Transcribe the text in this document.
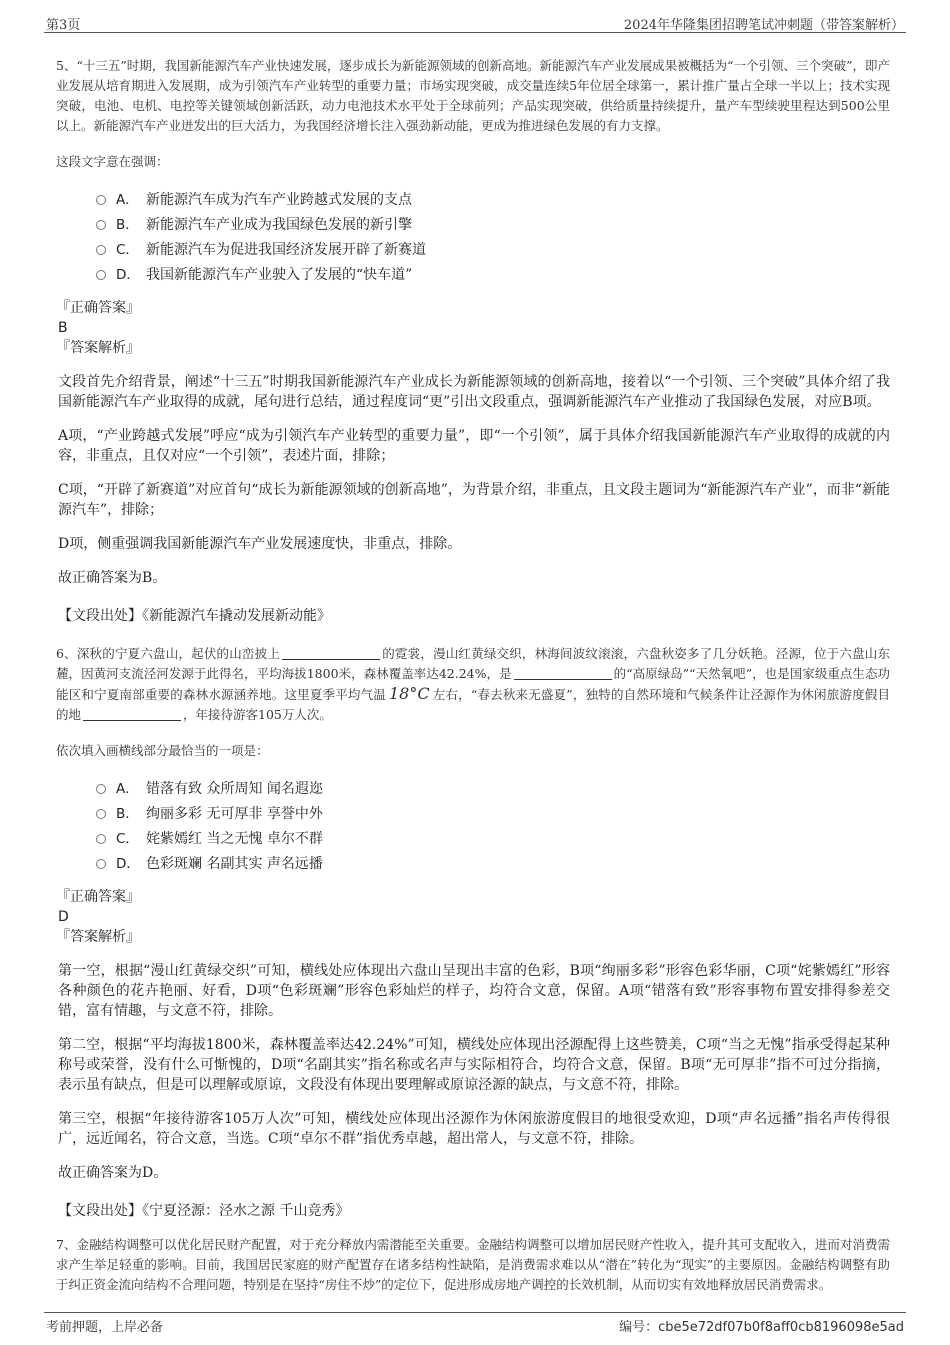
第3页	2024年华隆集团招聘笔试冲刺题（带答案解析）

5、“十三五”时期，我国新能源汽车产业快速发展，逐步成长为新能源领域的创新高地。新能源汽车产业发展成果被概括为“一个引领、三个突破”，即产业发展从培育期进入发展期，成为引领汽车产业转型的重要力量；市场实现突破，成交量连续5年位居全球第一，累计推广量占全球一半以上；技术实现突破，电池、电机、电控等关键领域创新活跃，动力电池技术水平处于全球前列；产品实现突破，供给质量持续提升，量产车型续驶里程达到500公里以上。新能源汽车产业迸发出的巨大活力，为我国经济增长注入强劲新动能，更成为推进绿色发展的有力支撑。

这段文字意在强调：

A． 新能源汽车成为汽车产业跨越式发展的支点
B． 新能源汽车产业成为我国绿色发展的新引擎
C． 新能源汽车为促进我国经济发展开辟了新赛道
D． 我国新能源汽车产业驶入了发展的“快车道”

『正确答案』

B

『答案解析』

文段首先介绍背景，阐述“十三五”时期我国新能源汽车产业成长为新能源领域的创新高地，接着以“一个引领、三个突破”具体介绍了我国新能源汽车产业取得的成就，尾句进行总结，通过程度词“更”引出文段重点，强调新能源汽车产业推动了我国绿色发展，对应B项。

A项，“产业跨越式发展”呼应“成为引领汽车产业转型的重要力量”，即“一个引领”，属于具体介绍我国新能源汽车产业取得的成就的内容，非重点，且仅对应“一个引领”，表述片面，排除；

C项，“开辟了新赛道”对应首句“成长为新能源领域的创新高地”，为背景介绍，非重点，且文段主题词为“新能源汽车产业”，而非“新能源汽车”，排除；

D项，侧重强调我国新能源汽车产业发展速度快，非重点，排除。

故正确答案为B。

【文段出处】《新能源汽车撬动发展新动能》

6、深秋的宁夏六盘山，起伏的山峦披上	的霓裳，漫山红黄绿交织，林海间波纹滚滚，六盘秋姿多了几分妖艳。泾源，位于六盘山东麓，因黄河支流泾河发源于此得名，平均海拔1800米，森林覆盖率达42.24%，是	的“高原绿岛”“天然氧吧”，也是国家级重点生态功能区和宁夏南部重要的森林水源涵养地。这里夏季平均气温 18°C 左右，“春去秋来无盛夏”，独特的自然环境和气候条件让泾源作为休闲旅游度假目的地	，年接待游客105万人次。

依次填入画横线部分最恰当的一项是：

A． 错落有致 众所周知 闻名遐迩
B． 绚丽多彩 无可厚非 享誉中外
C． 姹紫嫣红 当之无愧 卓尔不群
D． 色彩斑斓 名副其实 声名远播

『正确答案』

D

『答案解析』

第一空，根据“漫山红黄绿交织”可知，横线处应体现出六盘山呈现出丰富的色彩，B项“绚丽多彩”形容色彩华丽，C项“姹紫嫣红”形容各种颜色的花卉艳丽、好看，D项“色彩斑斓”形容色彩灿烂的样子，均符合文意，保留。A项“错落有致”形容事物布置安排得参差交错，富有情趣，与文意不符，排除。

第二空，根据“平均海拔1800米，森林覆盖率达42.24%”可知，横线处应体现出泾源配得上这些赞美，C项“当之无愧”指承受得起某种称号或荣誉，没有什么可惭愧的，D项“名副其实”指名称或名声与实际相符合，均符合文意，保留。B项“无可厚非”指不可过分指摘，表示虽有缺点，但是可以理解或原谅，文段没有体现出要理解或原谅泾源的缺点，与文意不符，排除。

第三空，根据“年接待游客105万人次”可知，横线处应体现出泾源作为休闲旅游度假目的地很受欢迎，D项“声名远播”指名声传得很广，远近闻名，符合文意，当选。C项“卓尔不群”指优秀卓越，超出常人，与文意不符，排除。

故正确答案为D。

【文段出处】《宁夏泾源：泾水之源 千山竞秀》

7、金融结构调整可以优化居民财产配置，对于充分释放内需潜能至关重要。金融结构调整可以增加居民财产性收入，提升其可支配收入，进而对消费需求产生举足轻重的影响。目前，我国居民家庭的财产配置存在诸多结构性缺陷，是消费需求难以从“潜在”转化为“现实”的主要原因。金融结构调整有助于纠正资金流向结构不合理问题，特别是在坚持“房住不炒”的定位下，促进形成房地产调控的长效机制，从而切实有效地释放居民消费需求。

考前押题，上岸必备	编号：cbe5e72df07b0f8aff0cb8196098e5ad
